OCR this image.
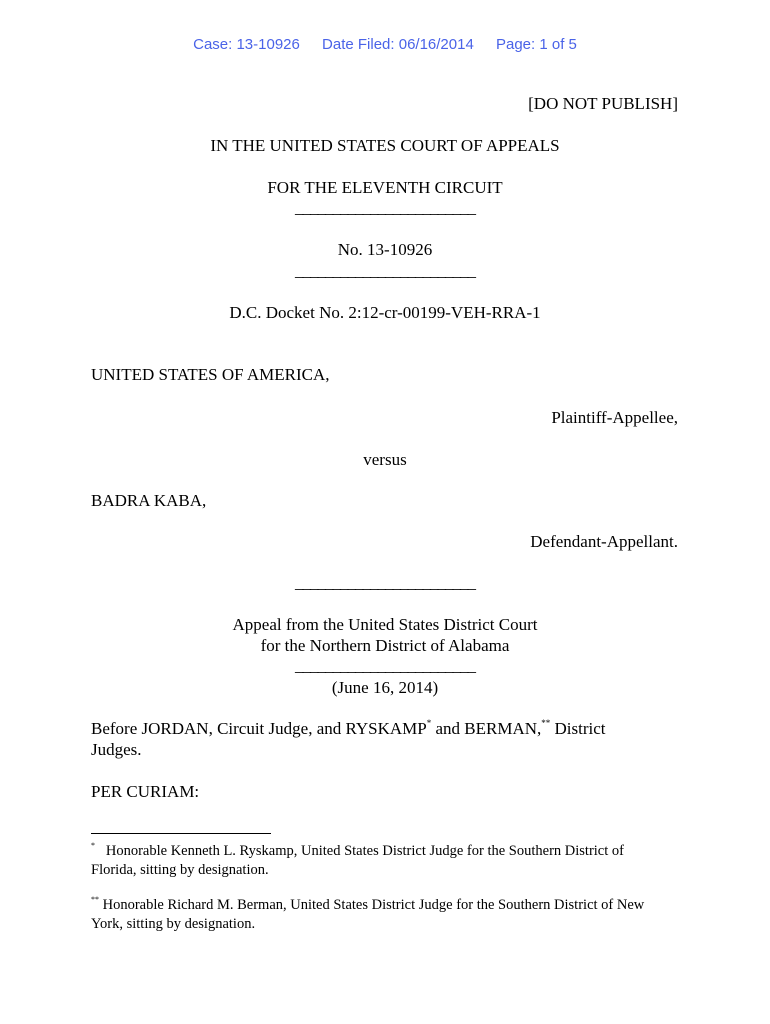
Case: 13-10926 Date Filed: 06/16/2014 Page: 1 of 5
[DO NOT PUBLISH]
IN THE UNITED STATES COURT OF APPEALS
FOR THE ELEVENTH CIRCUIT
________________________
No. 13-10926
________________________
D.C. Docket No. 2:12-cr-00199-VEH-RRA-1
UNITED STATES OF AMERICA,
Plaintiff-Appellee,
versus
BADRA KABA,
Defendant-Appellant.
________________________
Appeal from the United States District Court
for the Northern District of Alabama
________________________
(June 16, 2014)
Before JORDAN, Circuit Judge, and RYSKAMP* and BERMAN,** District
Judges.
PER CURIAM:
* Honorable Kenneth L. Ryskamp, United States District Judge for the Southern District of
Florida, sitting by designation.
** Honorable Richard M. Berman, United States District Judge for the Southern District of New
York, sitting by designation.
